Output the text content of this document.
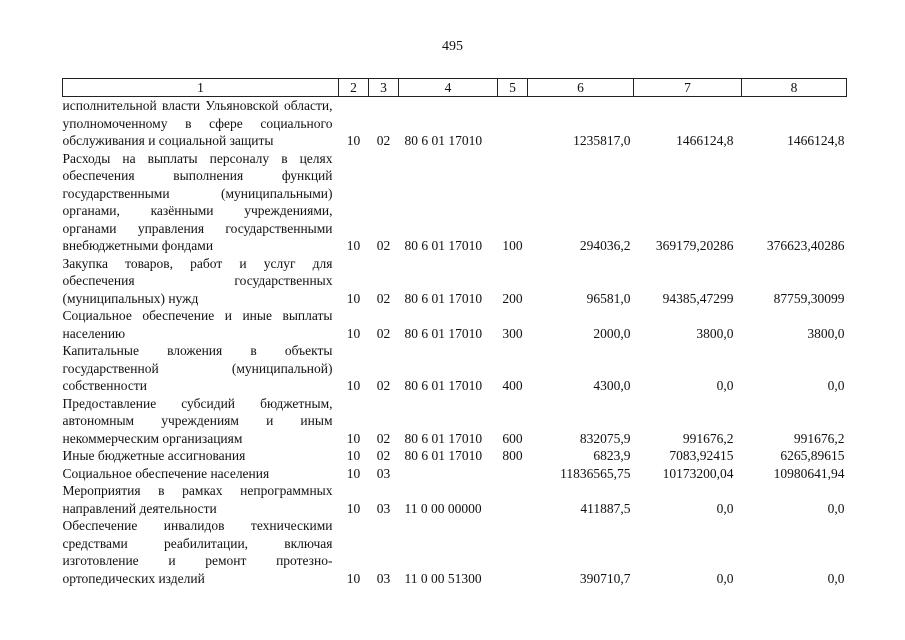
495
1	2	3	4	5	6	7	8
исполнительной власти Ульяновской области, уполномоченному в сфере социального обслуживания и социальной защиты	10	02	80 6 01 17010		1235817,0	1466124,8	1466124,8
Расходы на выплаты персоналу в целях обеспечения выполнения функций государственными (муниципальными) органами, казёнными учреждениями, органами управления государственными внебюджетными фондами	10	02	80 6 01 17010	100	294036,2	369179,20286	376623,40286
Закупка товаров, работ и услуг для обеспечения государственных (муниципальных) нужд	10	02	80 6 01 17010	200	96581,0	94385,47299	87759,30099
Социальное обеспечение и иные выплаты населению	10	02	80 6 01 17010	300	2000,0	3800,0	3800,0
Капитальные вложения в объекты государственной (муниципальной) собственности	10	02	80 6 01 17010	400	4300,0	0,0	0,0
Предоставление субсидий бюджетным, автономным учреждениям и иным некоммерческим организациям	10	02	80 6 01 17010	600	832075,9	991676,2	991676,2
Иные бюджетные ассигнования	10	02	80 6 01 17010	800	6823,9	7083,92415	6265,89615
Социальное обеспечение населения	10	03			11836565,75	10173200,04	10980641,94
Мероприятия в рамках непрограммных направлений деятельности	10	03	11 0 00 00000		411887,5	0,0	0,0
Обеспечение инвалидов техническими средствами реабилитации, включая изготовление и ремонт протезно-ортопедических изделий	10	03	11 0 00 51300		390710,7	0,0	0,0
